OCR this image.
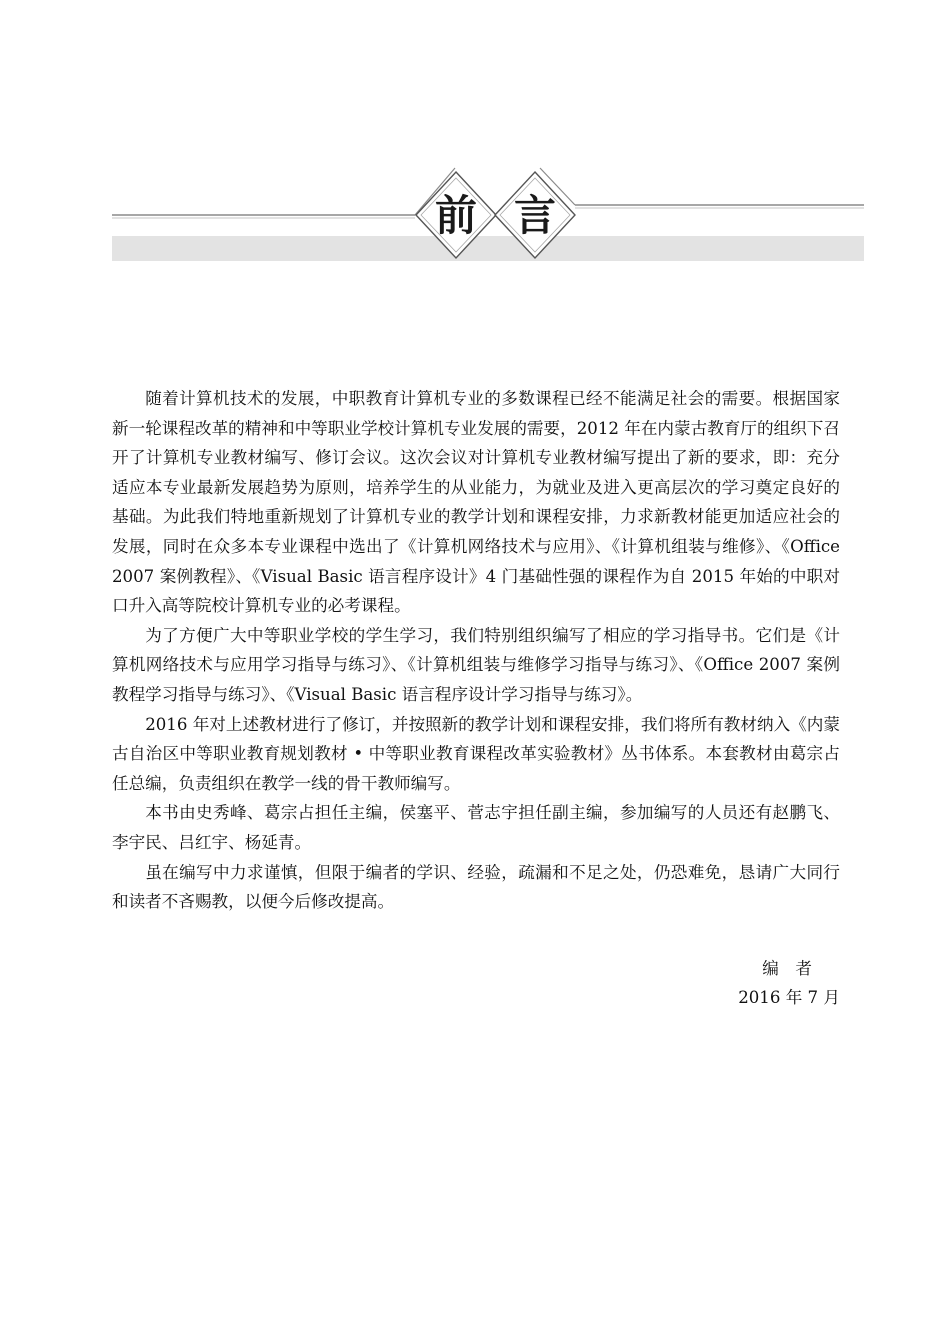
前 言

随着计算机技术的发展，中职教育计算机专业的多数课程已经不能满足社会的需要。根据国家新一轮课程改革的精神和中等职业学校计算机专业发展的需要，2012 年在内蒙古教育厅的组织下召开了计算机专业教材编写、修订会议。这次会议对计算机专业教材编写提出了新的要求，即：充分适应本专业最新发展趋势为原则，培养学生的从业能力，为就业及进入更高层次的学习奠定良好的基础。为此我们特地重新规划了计算机专业的教学计划和课程安排，力求新教材能更加适应社会的发展，同时在众多本专业课程中选出了《计算机网络技术与应用》、《计算机组装与维修》、《Office 2007 案例教程》、《Visual Basic 语言程序设计》4 门基础性强的课程作为自 2015 年始的中职对口升入高等院校计算机专业的必考课程。

为了方便广大中等职业学校的学生学习，我们特别组织编写了相应的学习指导书。它们是《计算机网络技术与应用学习指导与练习》、《计算机组装与维修学习指导与练习》、《Office 2007 案例教程学习指导与练习》、《Visual Basic 语言程序设计学习指导与练习》。

2016 年对上述教材进行了修订，并按照新的教学计划和课程安排，我们将所有教材纳入《内蒙古自治区中等职业教育规划教材 • 中等职业教育课程改革实验教材》丛书体系。本套教材由葛宗占任总编，负责组织在教学一线的骨干教师编写。

本书由史秀峰、葛宗占担任主编，侯塞平、菅志宇担任副主编，参加编写的人员还有赵鹏飞、李宇民、吕红宇、杨延青。

虽在编写中力求谨慎，但限于编者的学识、经验，疏漏和不足之处，仍恐难免，恳请广大同行和读者不吝赐教，以便今后修改提高。

编　者
2016 年 7 月
